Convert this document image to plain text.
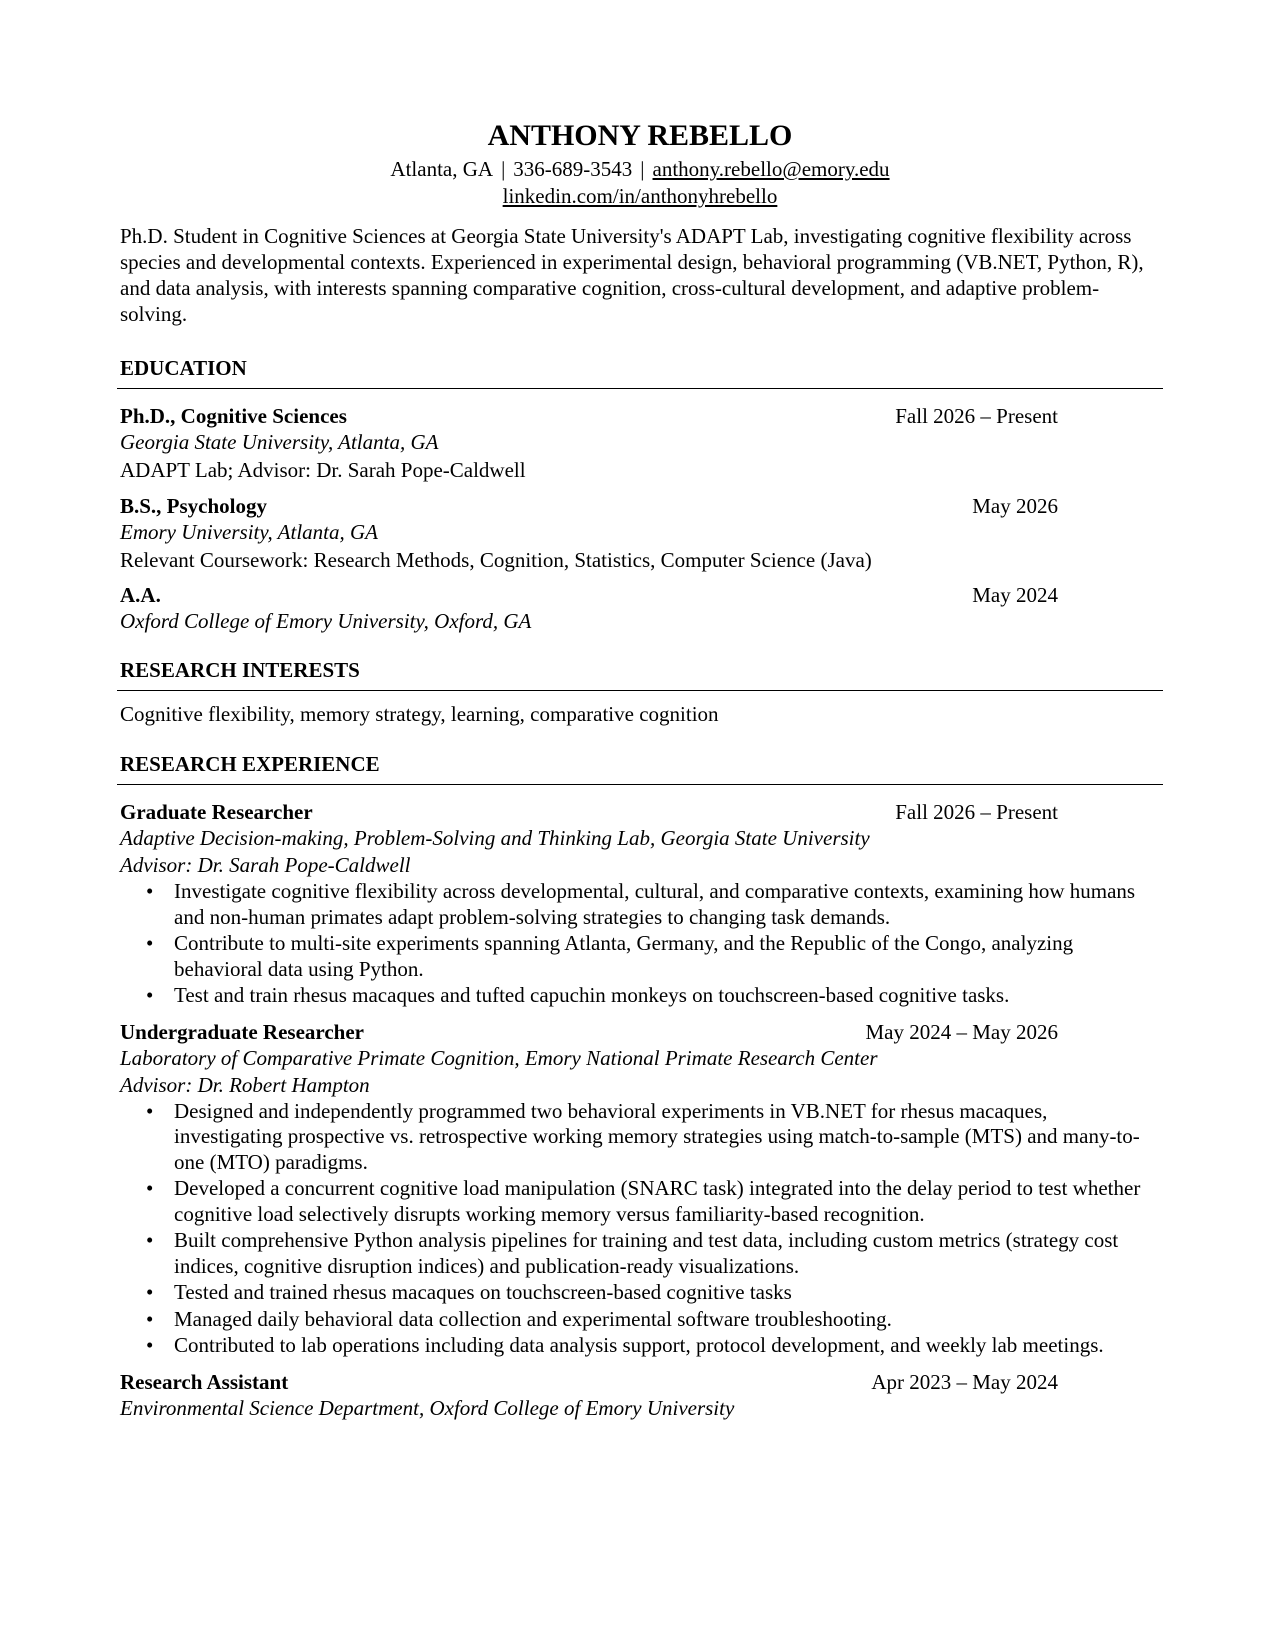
ANTHONY REBELLO
Atlanta, GA | 336-689-3543 | anthony.rebello@emory.edu
linkedin.com/in/anthonyhrebello
Ph.D. Student in Cognitive Sciences at Georgia State University's ADAPT Lab, investigating cognitive flexibility across species and developmental contexts. Experienced in experimental design, behavioral programming (VB.NET, Python, R), and data analysis, with interests spanning comparative cognition, cross-cultural development, and adaptive problem-solving.
EDUCATION
Ph.D., Cognitive Sciences	Fall 2026 – Present
Georgia State University, Atlanta, GA
ADAPT Lab; Advisor: Dr. Sarah Pope-Caldwell
B.S., Psychology	May 2026
Emory University, Atlanta, GA
Relevant Coursework: Research Methods, Cognition, Statistics, Computer Science (Java)
A.A.	May 2024
Oxford College of Emory University, Oxford, GA
RESEARCH INTERESTS
Cognitive flexibility, memory strategy, learning, comparative cognition
RESEARCH EXPERIENCE
Graduate Researcher	Fall 2026 – Present
Adaptive Decision-making, Problem-Solving and Thinking Lab, Georgia State University
Advisor: Dr. Sarah Pope-Caldwell
• Investigate cognitive flexibility across developmental, cultural, and comparative contexts, examining how humans and non-human primates adapt problem-solving strategies to changing task demands.
• Contribute to multi-site experiments spanning Atlanta, Germany, and the Republic of the Congo, analyzing behavioral data using Python.
• Test and train rhesus macaques and tufted capuchin monkeys on touchscreen-based cognitive tasks.
Undergraduate Researcher	May 2024 – May 2026
Laboratory of Comparative Primate Cognition, Emory National Primate Research Center
Advisor: Dr. Robert Hampton
• Designed and independently programmed two behavioral experiments in VB.NET for rhesus macaques, investigating prospective vs. retrospective working memory strategies using match-to-sample (MTS) and many-to-one (MTO) paradigms.
• Developed a concurrent cognitive load manipulation (SNARC task) integrated into the delay period to test whether cognitive load selectively disrupts working memory versus familiarity-based recognition.
• Built comprehensive Python analysis pipelines for training and test data, including custom metrics (strategy cost indices, cognitive disruption indices) and publication-ready visualizations.
• Tested and trained rhesus macaques on touchscreen-based cognitive tasks
• Managed daily behavioral data collection and experimental software troubleshooting.
• Contributed to lab operations including data analysis support, protocol development, and weekly lab meetings.
Research Assistant	Apr 2023 – May 2024
Environmental Science Department, Oxford College of Emory University
